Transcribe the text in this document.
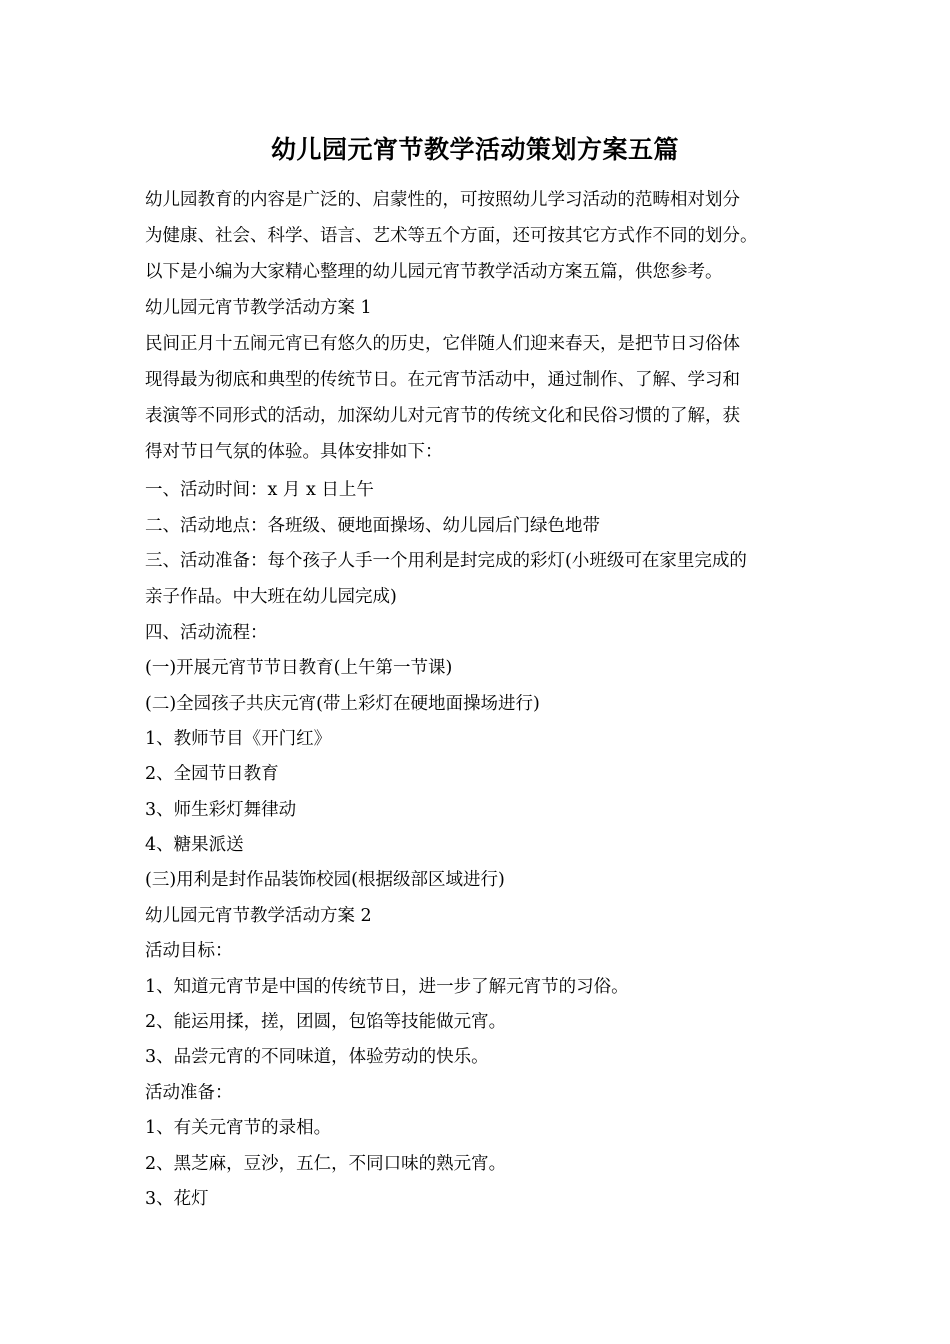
幼儿园元宵节教学活动策划方案五篇
幼儿园教育的内容是广泛的、启蒙性的，可按照幼儿学习活动的范畴相对划分
为健康、社会、科学、语言、艺术等五个方面，还可按其它方式作不同的划分。
以下是小编为大家精心整理的幼儿园元宵节教学活动方案五篇，供您参考。
幼儿园元宵节教学活动方案 1
民间正月十五闹元宵已有悠久的历史，它伴随人们迎来春天，是把节日习俗体
现得最为彻底和典型的传统节日。在元宵节活动中，通过制作、了解、学习和
表演等不同形式的活动，加深幼儿对元宵节的传统文化和民俗习惯的了解，获
得对节日气氛的体验。具体安排如下：
一、活动时间：x 月 x 日上午
二、活动地点：各班级、硬地面操场、幼儿园后门绿色地带
三、活动准备：每个孩子人手一个用利是封完成的彩灯(小班级可在家里完成的
亲子作品。中大班在幼儿园完成)
四、活动流程：
(一)开展元宵节节日教育(上午第一节课)
(二)全园孩子共庆元宵(带上彩灯在硬地面操场进行)
1、教师节目《开门红》
2、全园节日教育
3、师生彩灯舞律动
4、糖果派送
(三)用利是封作品装饰校园(根据级部区域进行)
幼儿园元宵节教学活动方案 2
活动目标：
1、知道元宵节是中国的传统节日，进一步了解元宵节的习俗。
2、能运用揉，搓，团圆，包馅等技能做元宵。
3、品尝元宵的不同味道，体验劳动的快乐。
活动准备：
1、有关元宵节的录相。
2、黑芝麻，豆沙，五仁，不同口味的熟元宵。
3、花灯
